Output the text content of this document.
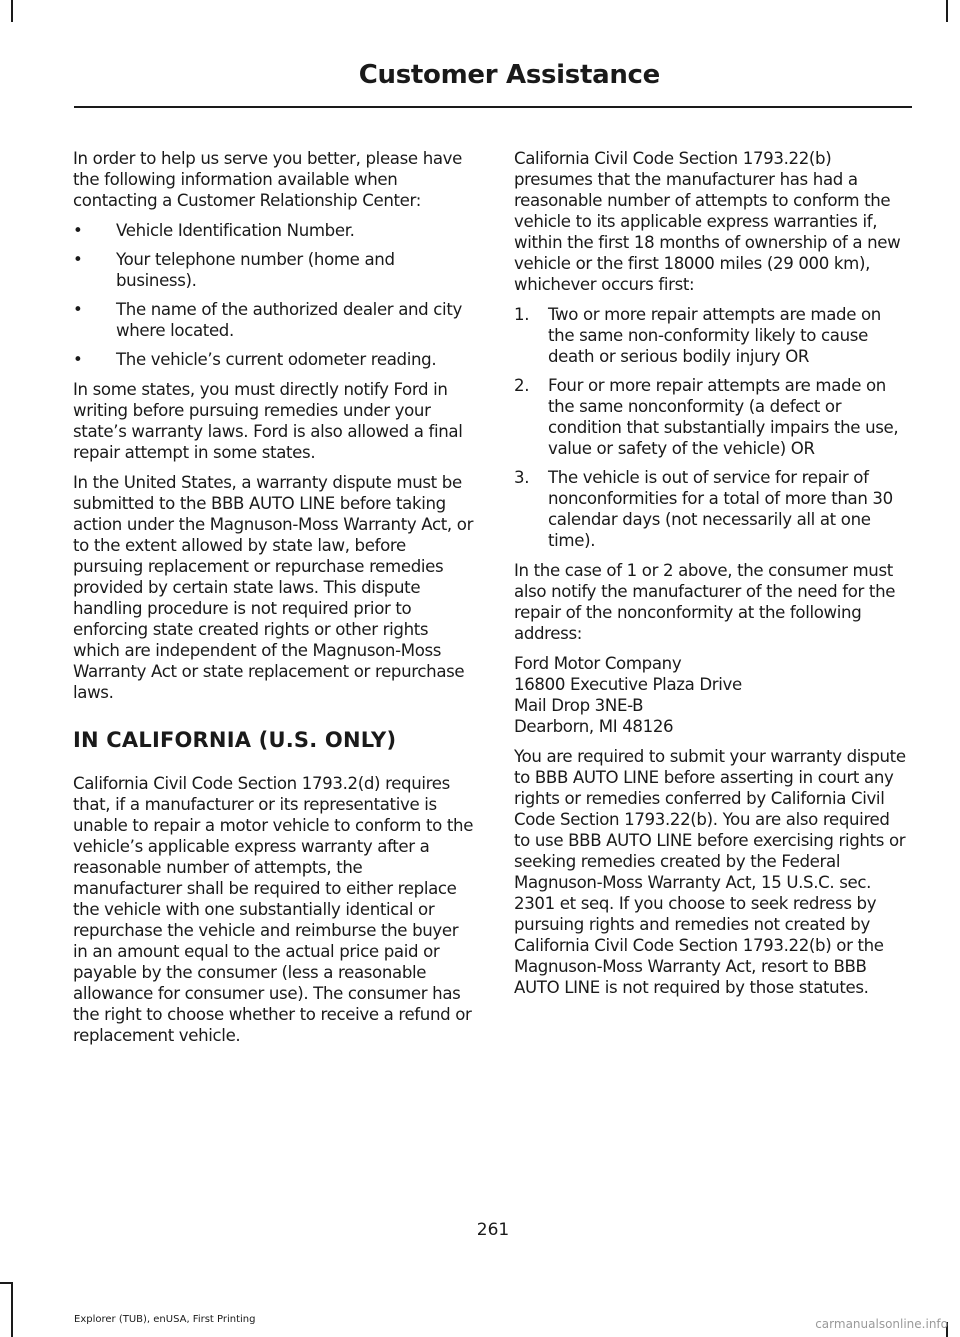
Customer Assistance

In order to help us serve you better, please have the following information available when contacting a Customer Relationship Center:

• Vehicle Identification Number.
• Your telephone number (home and business).
• The name of the authorized dealer and city where located.
• The vehicle’s current odometer reading.

In some states, you must directly notify Ford in writing before pursuing remedies under your state’s warranty laws. Ford is also allowed a final repair attempt in some states.

In the United States, a warranty dispute must be submitted to the BBB AUTO LINE before taking action under the Magnuson-Moss Warranty Act, or to the extent allowed by state law, before pursuing replacement or repurchase remedies provided by certain state laws. This dispute handling procedure is not required prior to enforcing state created rights or other rights which are independent of the Magnuson-Moss Warranty Act or state replacement or repurchase laws.

IN CALIFORNIA (U.S. ONLY)

California Civil Code Section 1793.2(d) requires that, if a manufacturer or its representative is unable to repair a motor vehicle to conform to the vehicle’s applicable express warranty after a reasonable number of attempts, the manufacturer shall be required to either replace the vehicle with one substantially identical or repurchase the vehicle and reimburse the buyer in an amount equal to the actual price paid or payable by the consumer (less a reasonable allowance for consumer use). The consumer has the right to choose whether to receive a refund or replacement vehicle.

California Civil Code Section 1793.22(b) presumes that the manufacturer has had a reasonable number of attempts to conform the vehicle to its applicable express warranties if, within the first 18 months of ownership of a new vehicle or the first 18000 miles (29 000 km), whichever occurs first:

1. Two or more repair attempts are made on the same non-conformity likely to cause death or serious bodily injury OR
2. Four or more repair attempts are made on the same nonconformity (a defect or condition that substantially impairs the use, value or safety of the vehicle) OR
3. The vehicle is out of service for repair of nonconformities for a total of more than 30 calendar days (not necessarily all at one time).

In the case of 1 or 2 above, the consumer must also notify the manufacturer of the need for the repair of the nonconformity at the following address:

Ford Motor Company
16800 Executive Plaza Drive
Mail Drop 3NE-B
Dearborn, MI 48126

You are required to submit your warranty dispute to BBB AUTO LINE before asserting in court any rights or remedies conferred by California Civil Code Section 1793.22(b). You are also required to use BBB AUTO LINE before exercising rights or seeking remedies created by the Federal Magnuson-Moss Warranty Act, 15 U.S.C. sec. 2301 et seq. If you choose to seek redress by pursuing rights and remedies not created by California Civil Code Section 1793.22(b) or the Magnuson-Moss Warranty Act, resort to BBB AUTO LINE is not required by those statutes.

261
Explorer (TUB), enUSA, First Printing	carmanualsonline.info
